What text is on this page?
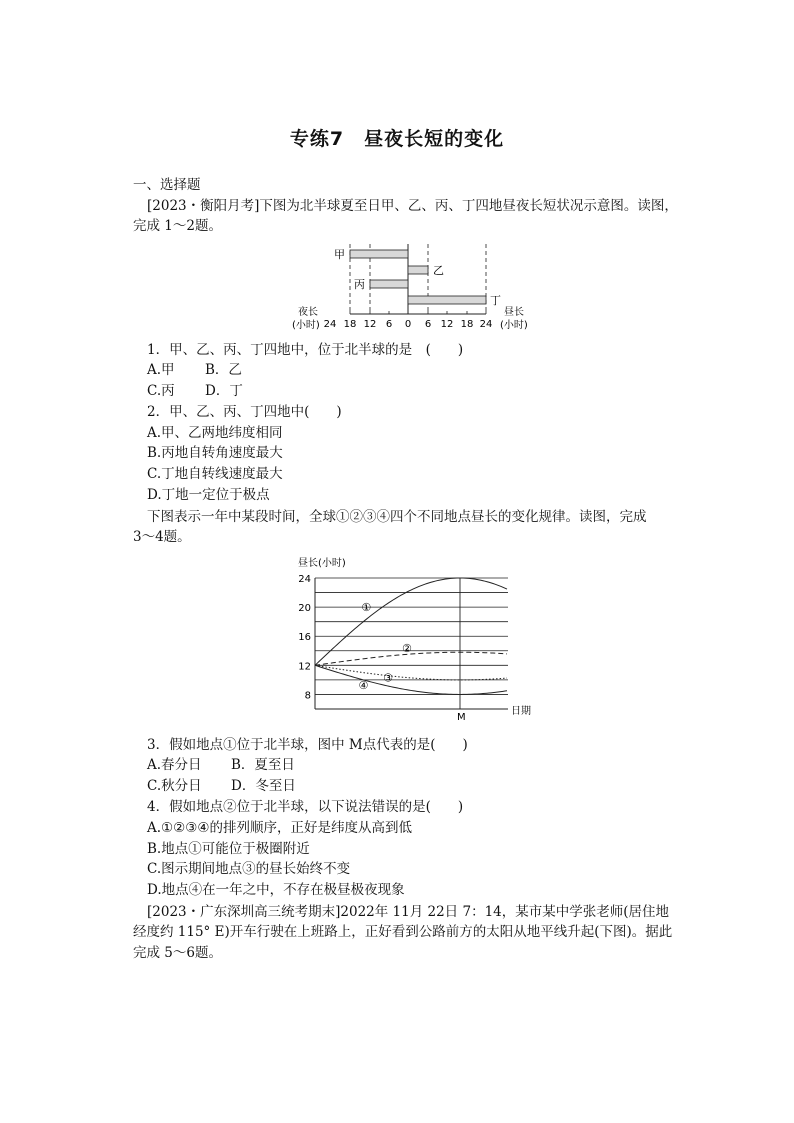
专练7　昼夜长短的变化
一、选择题
[2023・衡阳月考]下图为北半球夏至日甲、乙、丙、丁四地昼夜长短状况示意图。读图，
完成 1～2题。
甲
乙
丙
丁
24 18 12 6 0 6 12 18 24
夜长
(小时)
昼长
(小时)
1．甲、乙、丙、丁四地中，位于北半球的是　(　　)
A.甲 B．乙
C.丙 D．丁
2．甲、乙、丙、丁四地中(　　)
A.甲、乙两地纬度相同
B.丙地自转角速度最大
C.丁地自转线速度最大
D.丁地一定位于极点
下图表示一年中某段时间，全球①②③④四个不同地点昼长的变化规律。读图，完成
3～4题。
昼长(小时)
24
20
16
12
8
①
②
③
④
M
日期
3．假如地点①位于北半球，图中 M点代表的是(　　)
A.春分日 B．夏至日
C.秋分日 D．冬至日
4．假如地点②位于北半球，以下说法错误的是(　　)
A.①②③④的排列顺序，正好是纬度从高到低
B.地点①可能位于极圈附近
C.图示期间地点③的昼长始终不变
D.地点④在一年之中，不存在极昼极夜现象
[2023・广东深圳高三统考期末]2022年 11月 22日 7：14，某市某中学张老师(居住地
经度约 115° E)开车行驶在上班路上，正好看到公路前方的太阳从地平线升起(下图)。据此
完成 5～6题。
